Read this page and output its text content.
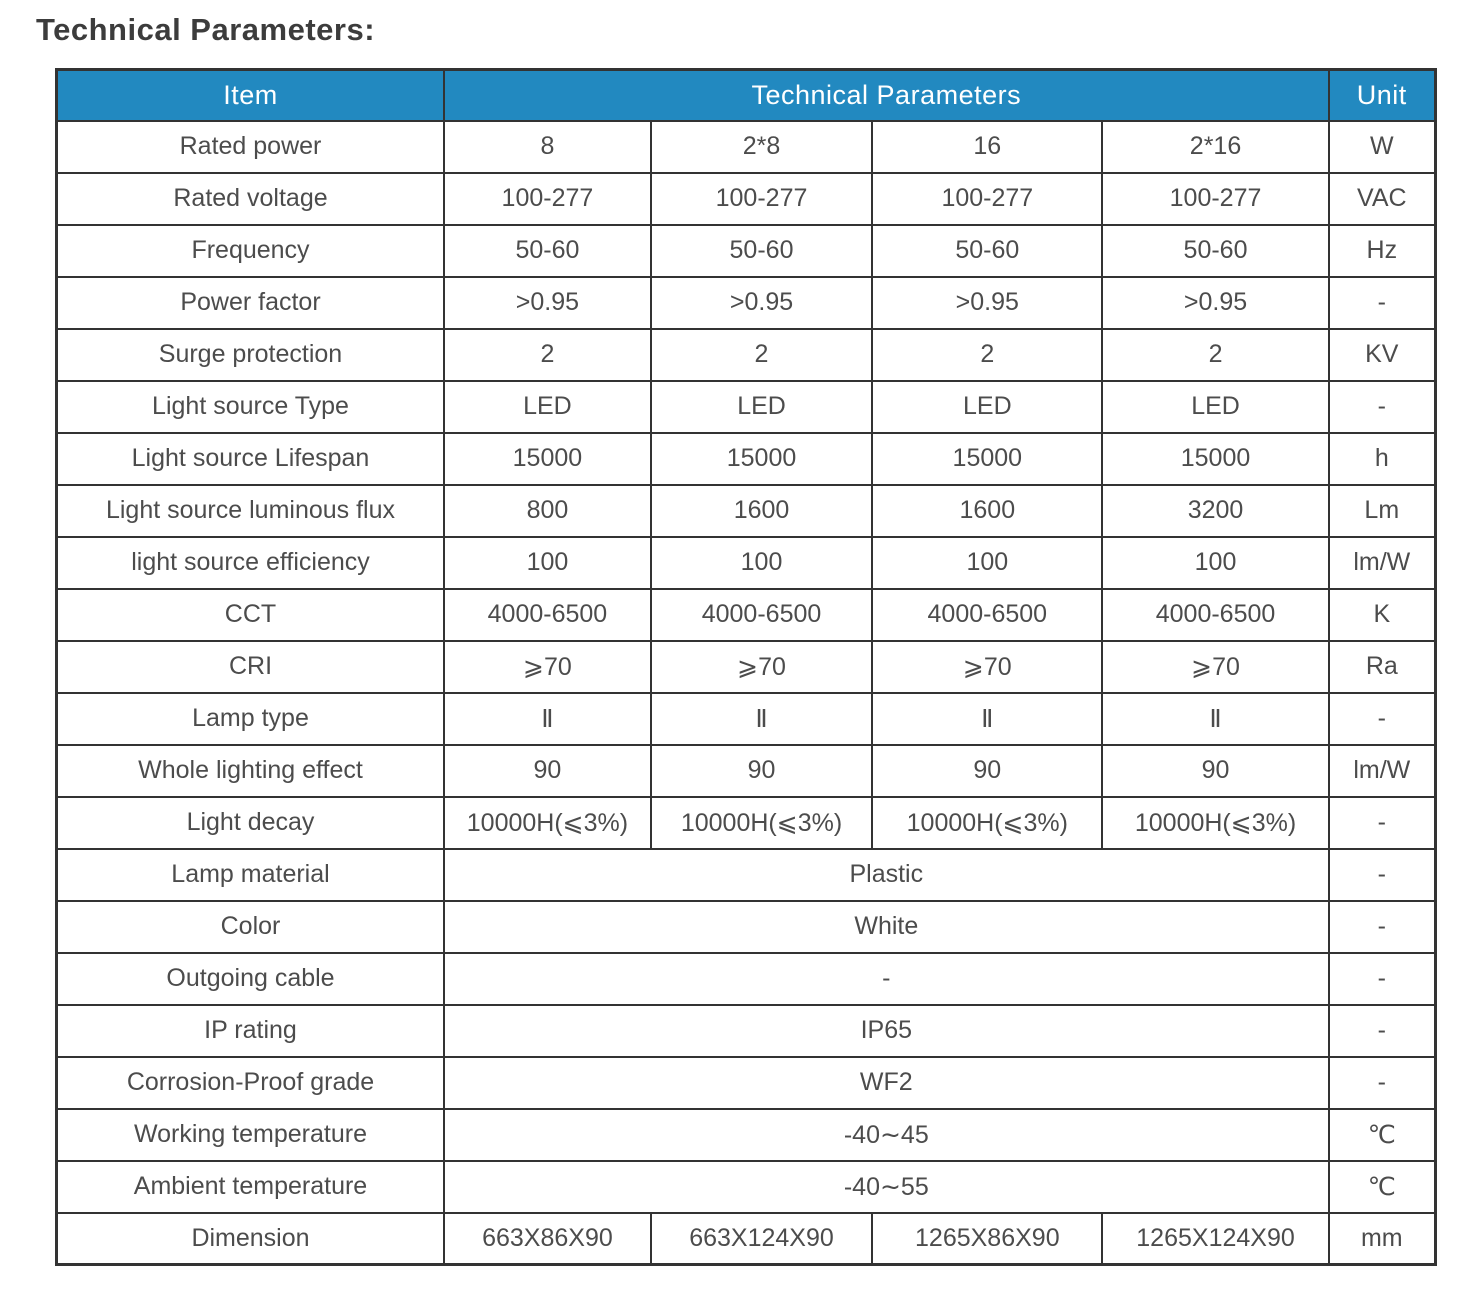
Technical Parameters:
Item	Technical Parameters				Unit
Rated power	8	2*8	16	2*16	W
Rated voltage	100-277	100-277	100-277	100-277	VAC
Frequency	50-60	50-60	50-60	50-60	Hz
Power factor	>0.95	>0.95	>0.95	>0.95	-
Surge protection	2	2	2	2	KV
Light source Type	LED	LED	LED	LED	-
Light source Lifespan	15000	15000	15000	15000	h
Light source luminous flux	800	1600	1600	3200	Lm
light source efficiency	100	100	100	100	lm/W
CCT	4000-6500	4000-6500	4000-6500	4000-6500	K
CRI	⩾70	⩾70	⩾70	⩾70	Ra
Lamp type	Ⅱ	Ⅱ	Ⅱ	Ⅱ	-
Whole lighting effect	90	90	90	90	lm/W
Light decay	10000H(⩽3%)	10000H(⩽3%)	10000H(⩽3%)	10000H(⩽3%)	-
Lamp material	Plastic				-
Color	White				-
Outgoing cable	-				-
IP rating	IP65				-
Corrosion-Proof grade	WF2				-
Working temperature	-40∼45				℃
Ambient temperature	-40∼55				℃
Dimension	663X86X90	663X124X90	1265X86X90	1265X124X90	mm
